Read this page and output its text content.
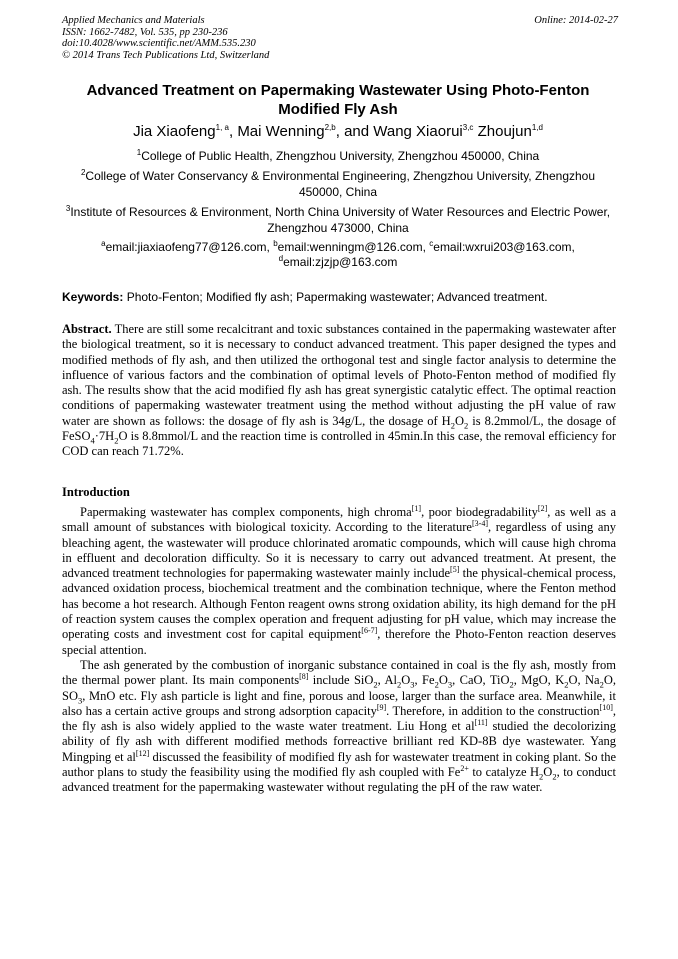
Applied Mechanics and Materials
ISSN: 1662-7482, Vol. 535, pp 230-236
doi:10.4028/www.scientific.net/AMM.535.230
© 2014 Trans Tech Publications Ltd, Switzerland
Online: 2014-02-27
Advanced Treatment on Papermaking Wastewater Using Photo-Fenton Modified Fly Ash
Jia Xiaofeng$^{1, a}$, Mai Wenning$^{2,b}$, and Wang Xiaorui$^{3,c}$ Zhoujun$^{1,d}$
$^1$College of Public Health, Zhengzhou University, Zhengzhou 450000, China
$^2$College of Water Conservancy & Environmental Engineering, Zhengzhou University, Zhengzhou 450000, China
$^3$Institute of Resources & Environment, North China University of Water Resources and Electric Power, Zhengzhou 473000, China
$^a$email:jiaxiaofeng77@126.com, $^b$email:wenningm@126.com, $^c$email:wxrui203@163.com,
$^d$email:zjzjp@163.com
Keywords: Photo-Fenton; Modified fly ash; Papermaking wastewater; Advanced treatment.
Abstract. There are still some recalcitrant and toxic substances contained in the papermaking wastewater after the biological treatment, so it is necessary to conduct advanced treatment. This paper designed the types and modified methods of fly ash, and then utilized the orthogonal test and single factor analysis to determine the influence of various factors and the combination of optimal levels of Photo-Fenton method of modified fly ash. The results show that the acid modified fly ash has great synergistic catalytic effect. The optimal reaction conditions of papermaking wastewater treatment using the method without adjusting the pH value of raw water are shown as follows: the dosage of fly ash is 34g/L, the dosage of $H_2O_2$ is 8.2mmol/L, the dosage of $FeSO_4\cdot 7H_2O$ is 8.8mmol/L and the reaction time is controlled in 45min.In this case, the removal efficiency for COD can reach 71.72%.
Introduction

Papermaking wastewater has complex components, high chroma[1], poor biodegradability[2], as well as a small amount of substances with biological toxicity. According to the literature[3-4], regardless of using any bleaching agent, the wastewater will produce chlorinated aromatic compounds, which will cause high chroma in effluent and decoloration difficulty. So it is necessary to carry out advanced treatment. At present, the advanced treatment technologies for papermaking wastewater mainly include[5] the physical-chemical process, advanced oxidation process, biochemical treatment and the combination technique, where the Fenton method has become a hot research. Although Fenton reagent owns strong oxidation ability, its high demand for the pH of reaction system causes the complex operation and frequent adjusting for pH value, which may increase the operating costs and investment cost for capital equipment[6-7], therefore the Photo-Fenton reaction deserves special attention.

The ash generated by the combustion of inorganic substance contained in coal is the fly ash, mostly from the thermal power plant. Its main components[8] include SiO$_2$, $Al_2O_3$, $Fe_2O_3$, CaO, TiO$_2$, MgO, $K_2O$, $Na_2O$, $SO_3$, MnO etc. Fly ash particle is light and fine, porous and loose, larger than the surface area. Meanwhile, it also has a certain active groups and strong adsorption capacity[9]. Therefore, in addition to the construction[10], the fly ash is also widely applied to the waste water treatment. Liu Hong et al[11] studied the decolorizing ability of fly ash with different modified methods forreactive brilliant red KD-8B dye wastewater. Yang Mingping et al[12] discussed the feasibility of modified fly ash for wastewater treatment in coking plant. So the author plans to study the feasibility using the modified fly ash coupled with $Fe^{2+}$ to catalyze $H_2O_2$, to conduct advanced treatment for the papermaking wastewater without regulating the pH of the raw water.
